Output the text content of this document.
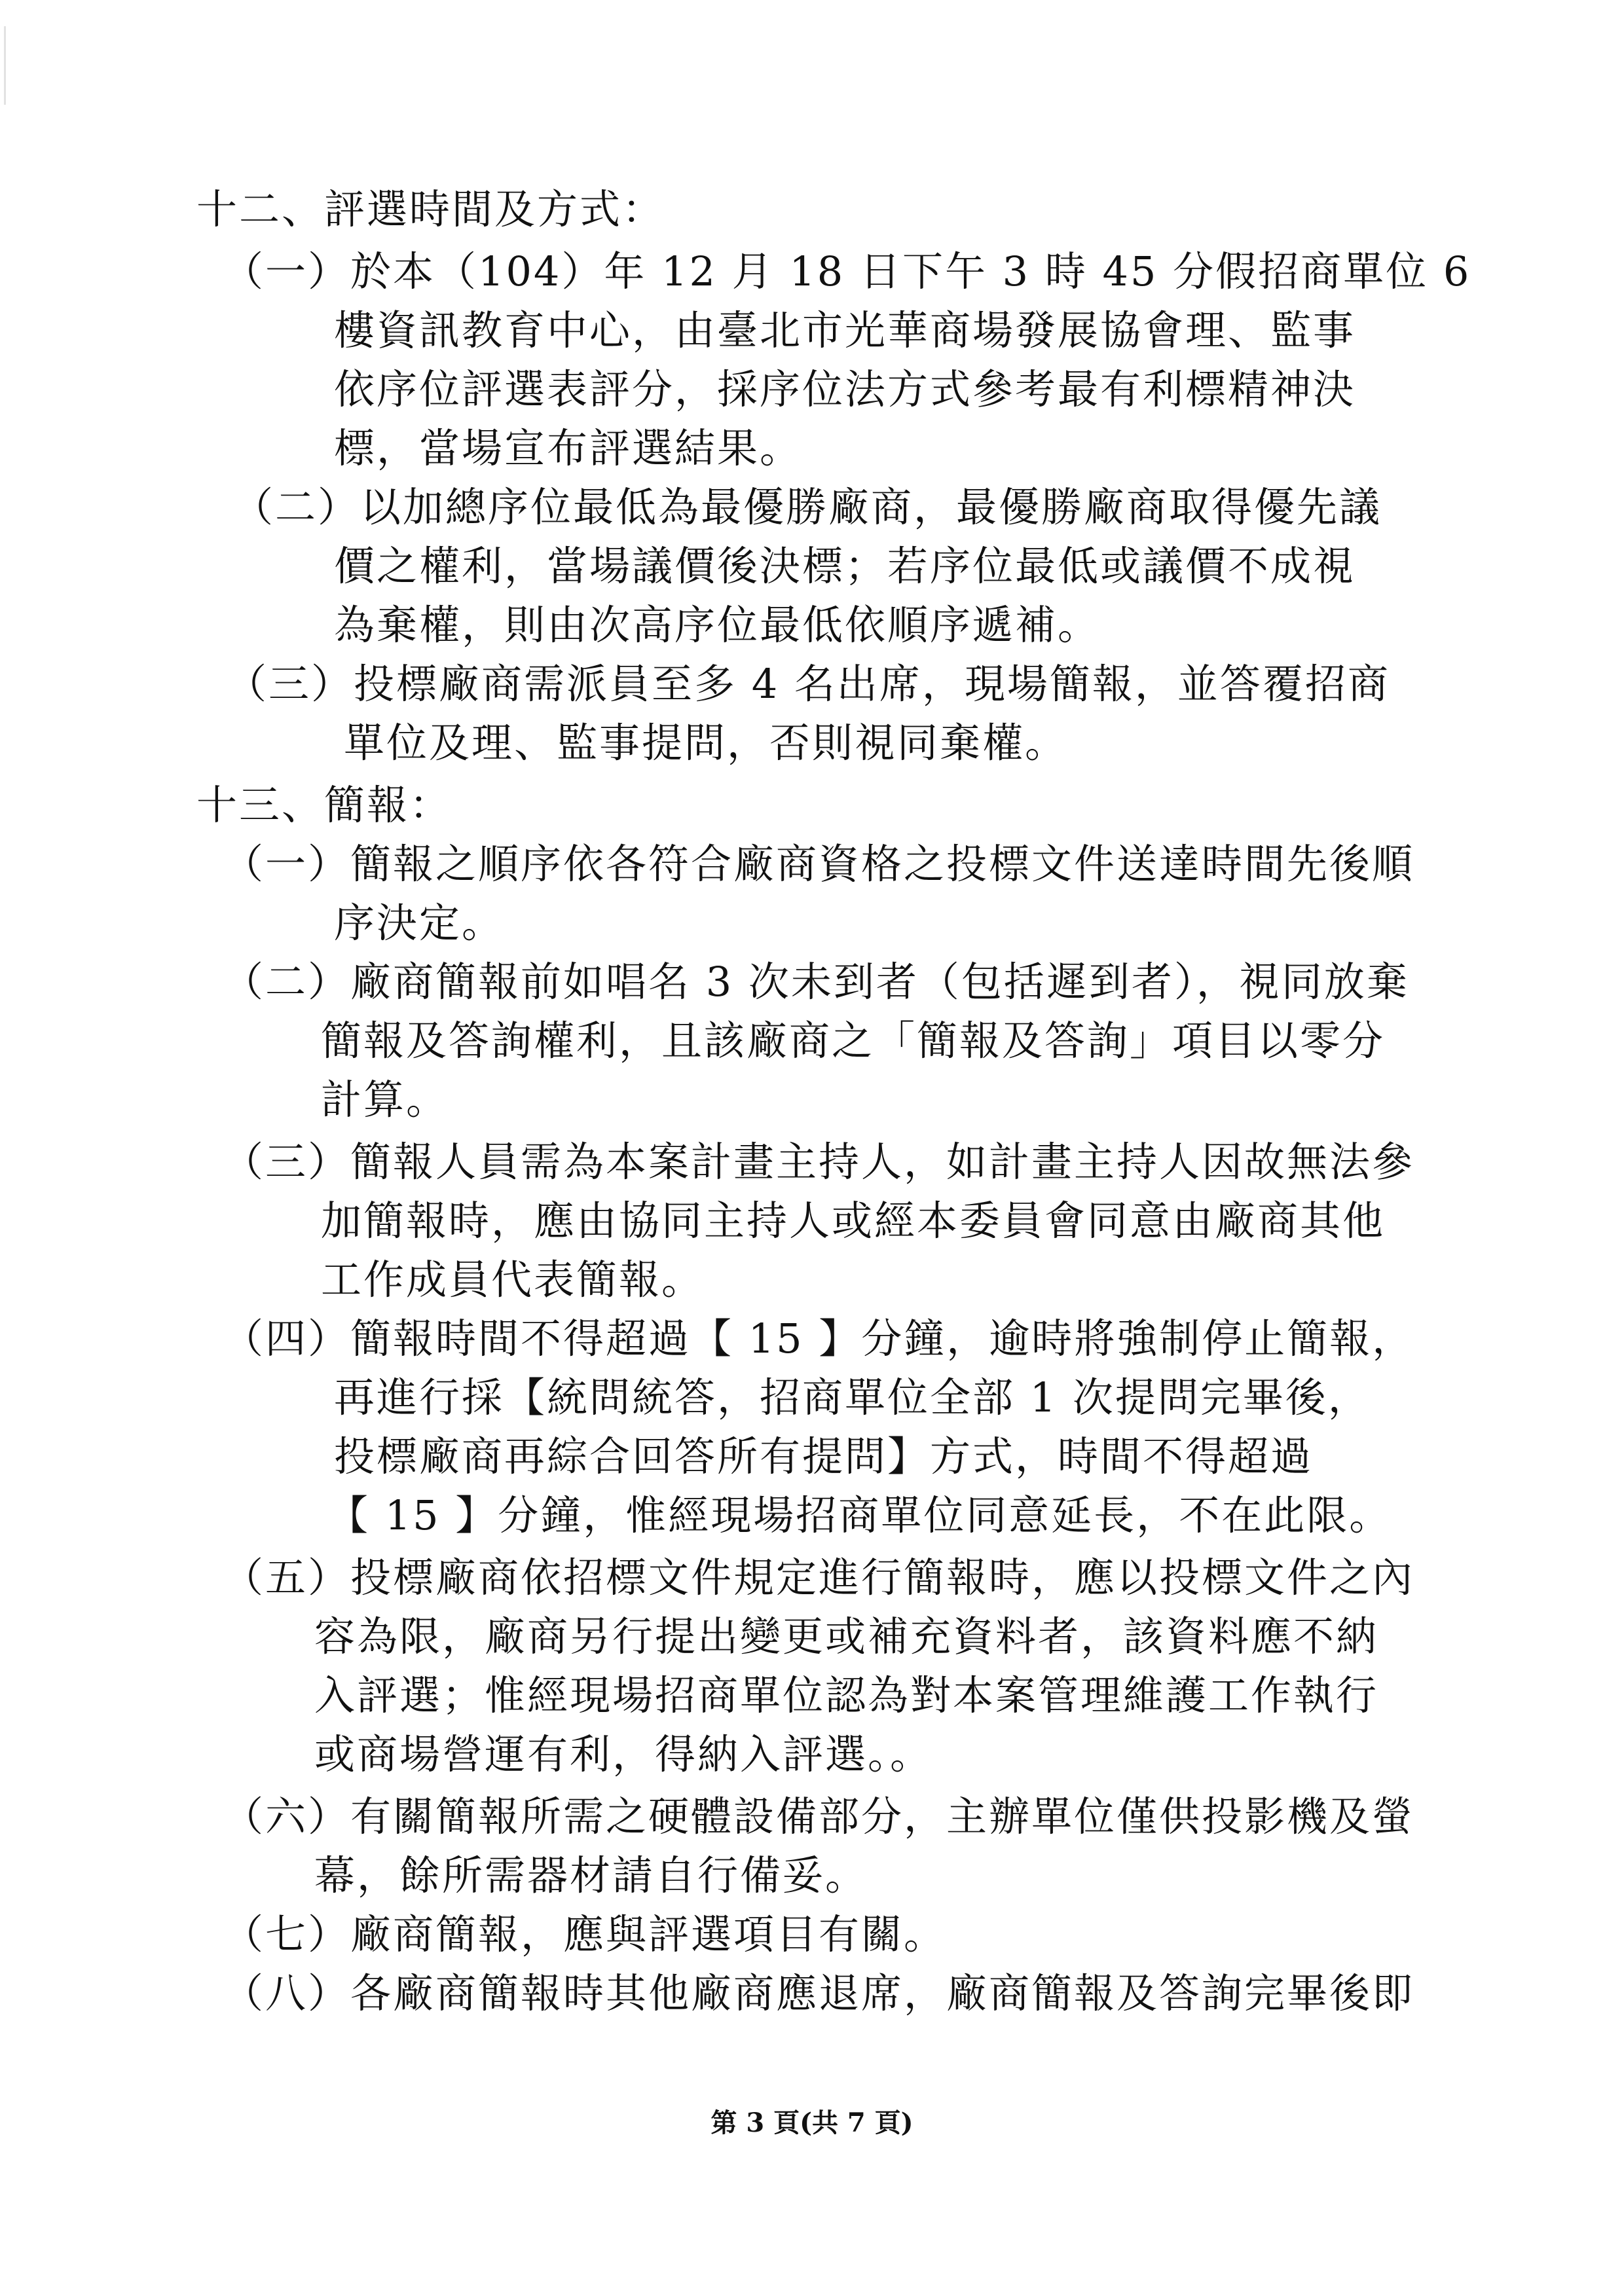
十二、評選時間及方式：
（一）於本（104）年 12 月 18 日下午 3 時 45 分假招商單位 6
樓資訊教育中心，由臺北市光華商場發展協會理、監事
依序位評選表評分，採序位法方式參考最有利標精神決
標，當場宣布評選結果。
（二）以加總序位最低為最優勝廠商，最優勝廠商取得優先議
價之權利，當場議價後決標；若序位最低或議價不成視
為棄權，則由次高序位最低依順序遞補。
（三）投標廠商需派員至多 4 名出席，現場簡報，並答覆招商
單位及理、監事提問，否則視同棄權。
十三、簡報：
（一）簡報之順序依各符合廠商資格之投標文件送達時間先後順
序決定。
（二）廠商簡報前如唱名 3 次未到者（包括遲到者），視同放棄
簡報及答詢權利，且該廠商之「簡報及答詢」項目以零分
計算。
（三）簡報人員需為本案計畫主持人，如計畫主持人因故無法參
加簡報時，應由協同主持人或經本委員會同意由廠商其他
工作成員代表簡報。
（四）簡報時間不得超過【 15 】分鐘，逾時將強制停止簡報，
再進行採【統問統答，招商單位全部 1 次提問完畢後，
投標廠商再綜合回答所有提問】方式，時間不得超過
【 15 】分鐘，惟經現場招商單位同意延長，不在此限。
（五）投標廠商依招標文件規定進行簡報時，應以投標文件之內
容為限，廠商另行提出變更或補充資料者，該資料應不納
入評選；惟經現場招商單位認為對本案管理維護工作執行
或商場營運有利，得納入評選。。
（六）有關簡報所需之硬體設備部分，主辦單位僅供投影機及螢
幕，餘所需器材請自行備妥。
（七）廠商簡報，應與評選項目有關。
（八）各廠商簡報時其他廠商應退席，廠商簡報及答詢完畢後即
第 3 頁(共 7 頁)
